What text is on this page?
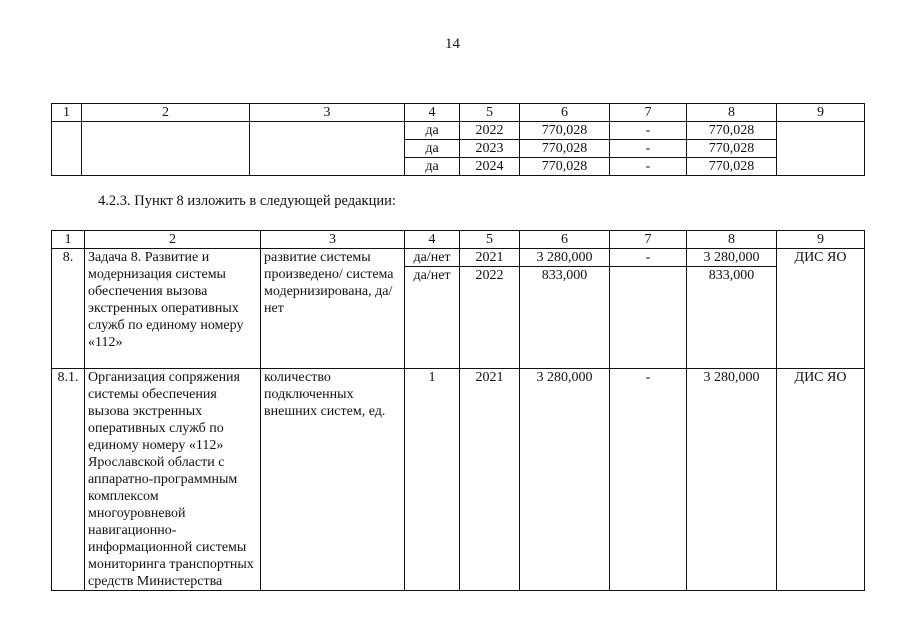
14
1	2	3	4	5	6	7	8	9
			да	2022	770,028	-	770,028	
			да	2023	770,028	-	770,028	
			да	2024	770,028	-	770,028	
4.2.3. Пункт 8 изложить в следующей редакции:
1	2	3	4	5	6	7	8	9
8.	Задача 8. Развитие и модернизация системы обеспечения вызова экстренных оперативных служб по единому номеру «112»	развитие системы произведено/ система модернизирована, да/нет	да/нет	2021	3 280,000	-	3 280,000	ДИС ЯО
			да/нет	2022	833,000		833,000	
8.1.	Организация сопряжения системы обеспечения вызова экстренных оперативных служб по единому номеру «112» Ярославской области с аппаратно-программным комплексом многоуровневой навигационно-информационной системы мониторинга транспортных средств Министерства	количество подключенных внешних систем, ед.	1	2021	3 280,000	-	3 280,000	ДИС ЯО
